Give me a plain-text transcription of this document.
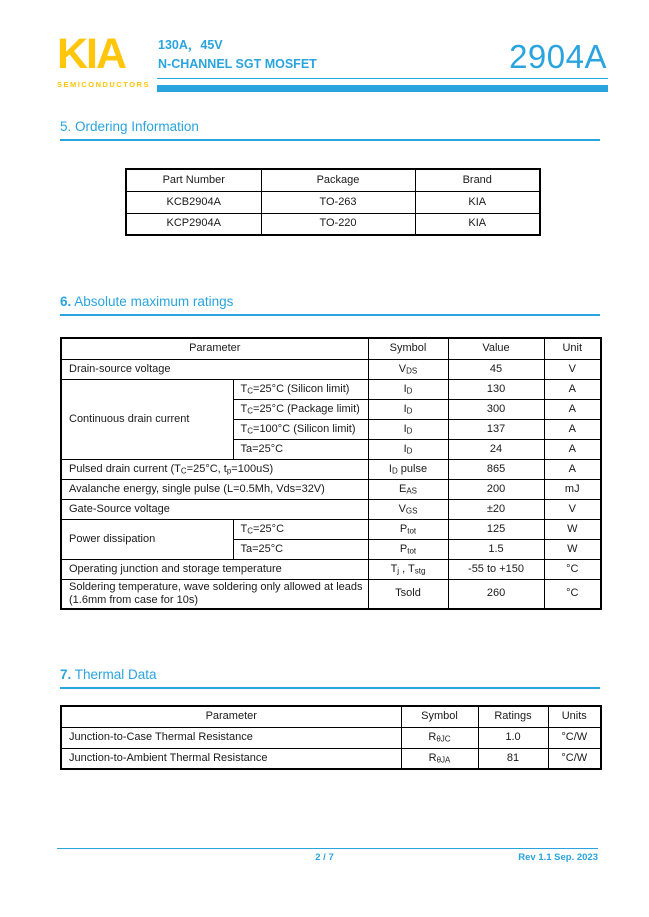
KIA
SEMICONDUCTORS
130A，45V
N-CHANNEL SGT MOSFET	2904A
5. Ordering Information
Part Number	Package	Brand
KCB2904A	TO-263	KIA
KCP2904A	TO-220	KIA
6. Absolute maximum ratings
Parameter		Symbol	Value	Unit
Drain-source voltage		$V_{DS}$	45	V
Continuous drain current	$T_C=25^\circ C$ (Silicon limit)	$I_D$	130	A
	$T_C=25^\circ C$ (Package limit)	$I_D$	300	A
	$T_C=100^\circ C$ (Silicon limit)	$I_D$	137	A
	Ta=25°C	$I_D$	24	A
Pulsed drain current ($T_C=25^\circ C$, $t_p=100uS$)		$I_D$ pulse	865	A
Avalanche energy, single pulse (L=0.5Mh, Vds=32V)		$E_{AS}$	200	mJ
Gate-Source voltage		$V_{GS}$	±20	V
Power dissipation	$T_C=25^\circ C$	$P_{tot}$	125	W
	Ta=25°C	$P_{tot}$	1.5	W
Operating junction and storage temperature		$T_j$ , $T_{stg}$	-55 to +150	°C
Soldering temperature, wave soldering only allowed at leads (1.6mm from case for 10s)		Tsold	260	°C
7. Thermal Data
Parameter	Symbol	Ratings	Units
Junction-to-Case Thermal Resistance	$R_{\theta JC}$	1.0	°C/W
Junction-to-Ambient Thermal Resistance	$R_{\theta JA}$	81	°C/W
2 / 7	Rev 1.1 Sep. 2023
